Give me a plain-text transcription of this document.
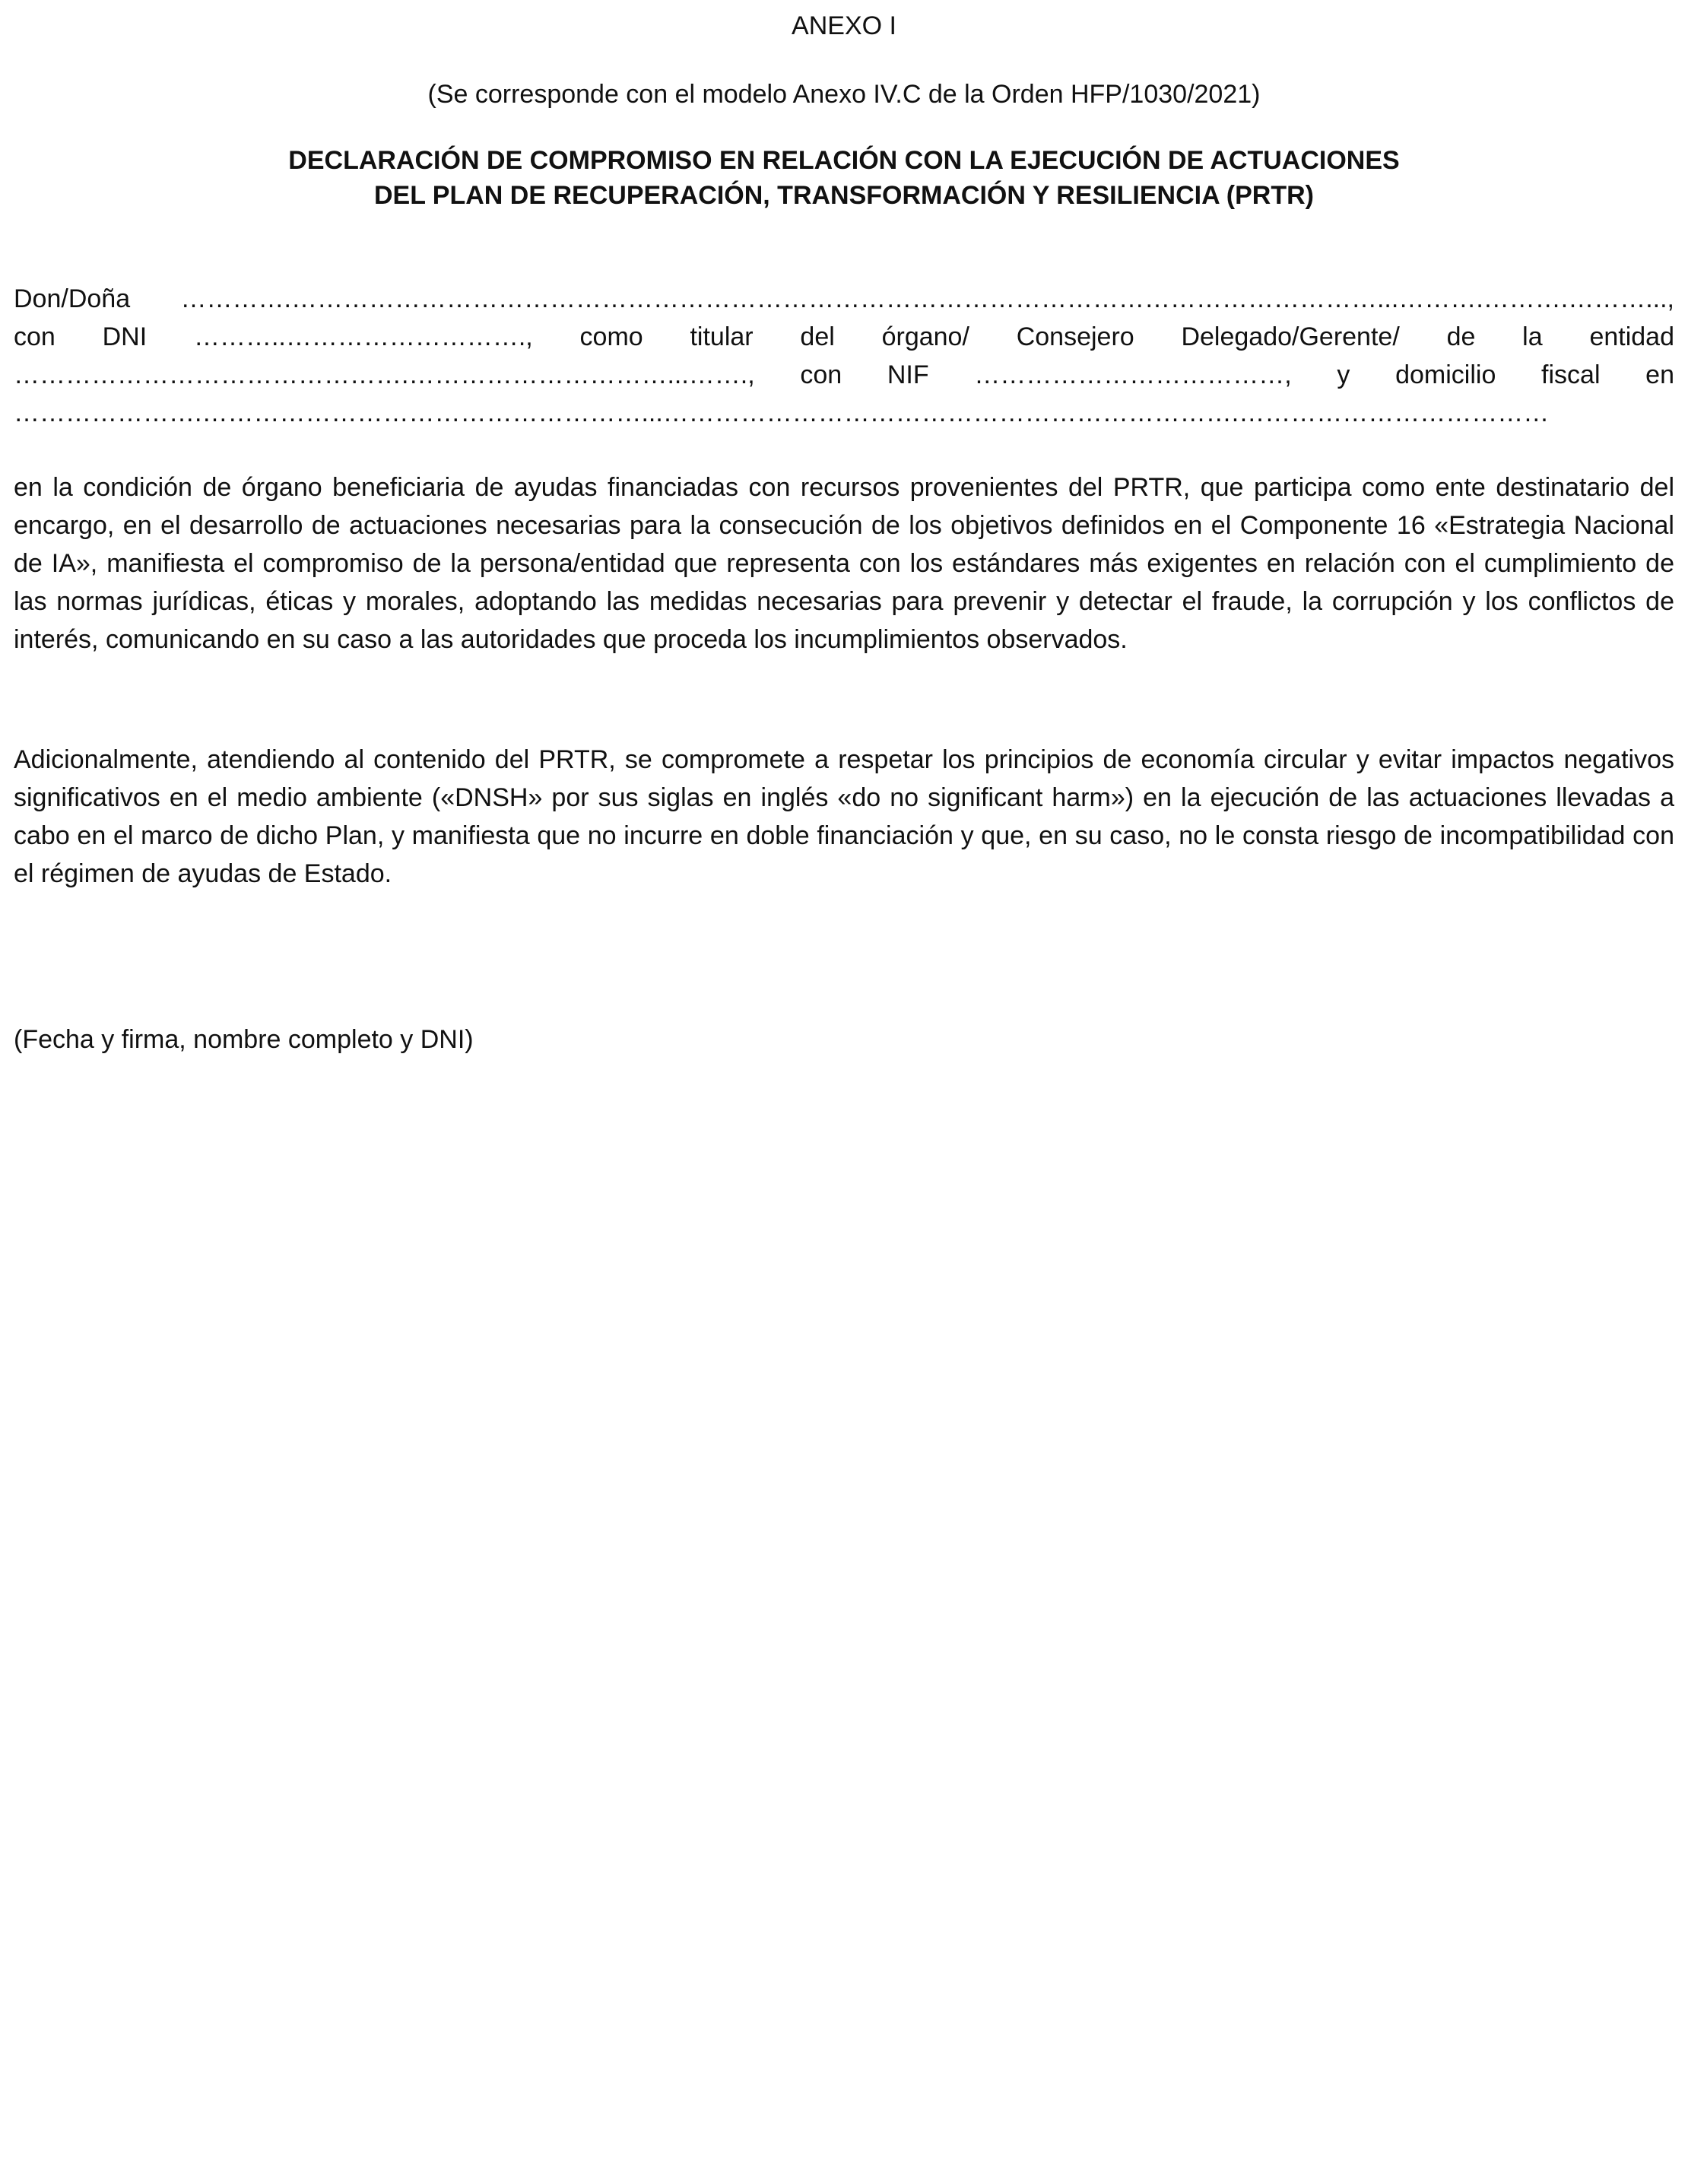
ANEXO I
(Se corresponde con el modelo Anexo IV.C de la Orden HFP/1030/2021)
DECLARACIÓN DE COMPROMISO EN RELACIÓN CON LA EJECUCIÓN DE ACTUACIONES
DEL PLAN DE RECUPERACIÓN, TRANSFORMACIÓN Y RESILIENCIA (PRTR)
Don/Doña ………….………………………………………………………………………………………………………………...……….……….………...,
con DNI ………..………………………., como titular del órgano/ Consejero Delegado/Gerente/ de la entidad
……………………………………….…………………………...……., con NIF ………………………………, y domicilio fiscal en
………………….……………………………………………...………………………………………………………….………………………………

en la condición de órgano beneficiaria de ayudas financiadas con recursos provenientes del PRTR, que participa como ente destinatario del encargo, en el desarrollo de actuaciones necesarias para la consecución de los objetivos definidos en el Componente 16 «Estrategia Nacional de IA», manifiesta el compromiso de la persona/entidad que representa con los estándares más exigentes en relación con el cumplimiento de las normas jurídicas, éticas y morales, adoptando las medidas necesarias para prevenir y detectar el fraude, la corrupción y los conflictos de interés, comunicando en su caso a las autoridades que proceda los incumplimientos observados.

Adicionalmente, atendiendo al contenido del PRTR, se compromete a respetar los principios de economía circular y evitar impactos negativos significativos en el medio ambiente («DNSH» por sus siglas en inglés «do no significant harm») en la ejecución de las actuaciones llevadas a cabo en el marco de dicho Plan, y manifiesta que no incurre en doble financiación y que, en su caso, no le consta riesgo de incompatibilidad con el régimen de ayudas de Estado.

(Fecha y firma, nombre completo y DNI)
